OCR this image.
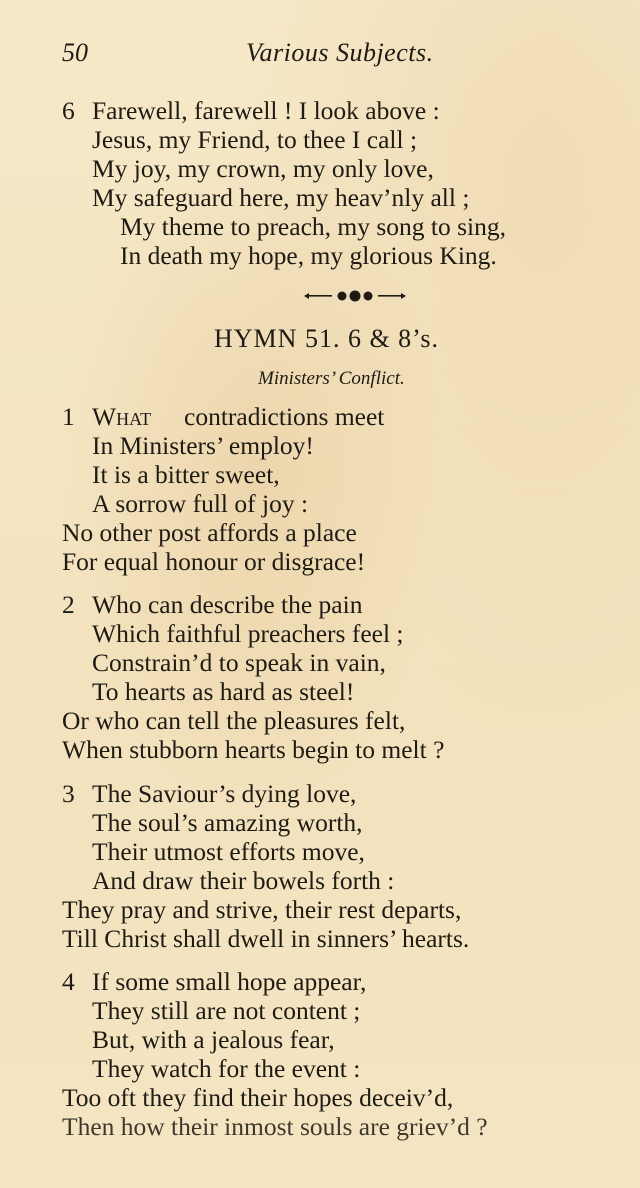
50	Various Subjects.
6 Farewell, farewell ! I look above :
Jesus, my Friend, to thee I call ;
My joy, my crown, my only love,
My safeguard here, my heav’nly all ;
My theme to preach, my song to sing,
In death my hope, my glorious King.
HYMN 51. 6 & 8’s.
Ministers’ Conflict.
1 What contradictions meet
In Ministers’ employ!
It is a bitter sweet,
A sorrow full of joy :
No other post affords a place
For equal honour or disgrace!
2 Who can describe the pain
Which faithful preachers feel ;
Constrain’d to speak in vain,
To hearts as hard as steel!
Or who can tell the pleasures felt,
When stubborn hearts begin to melt ?
3 The Saviour’s dying love,
The soul’s amazing worth,
Their utmost efforts move,
And draw their bowels forth :
They pray and strive, their rest departs,
Till Christ shall dwell in sinners’ hearts.
4 If some small hope appear,
They still are not content ;
But, with a jealous fear,
They watch for the event :
Too oft they find their hopes deceiv’d,
Then how their inmost souls are griev’d ?
